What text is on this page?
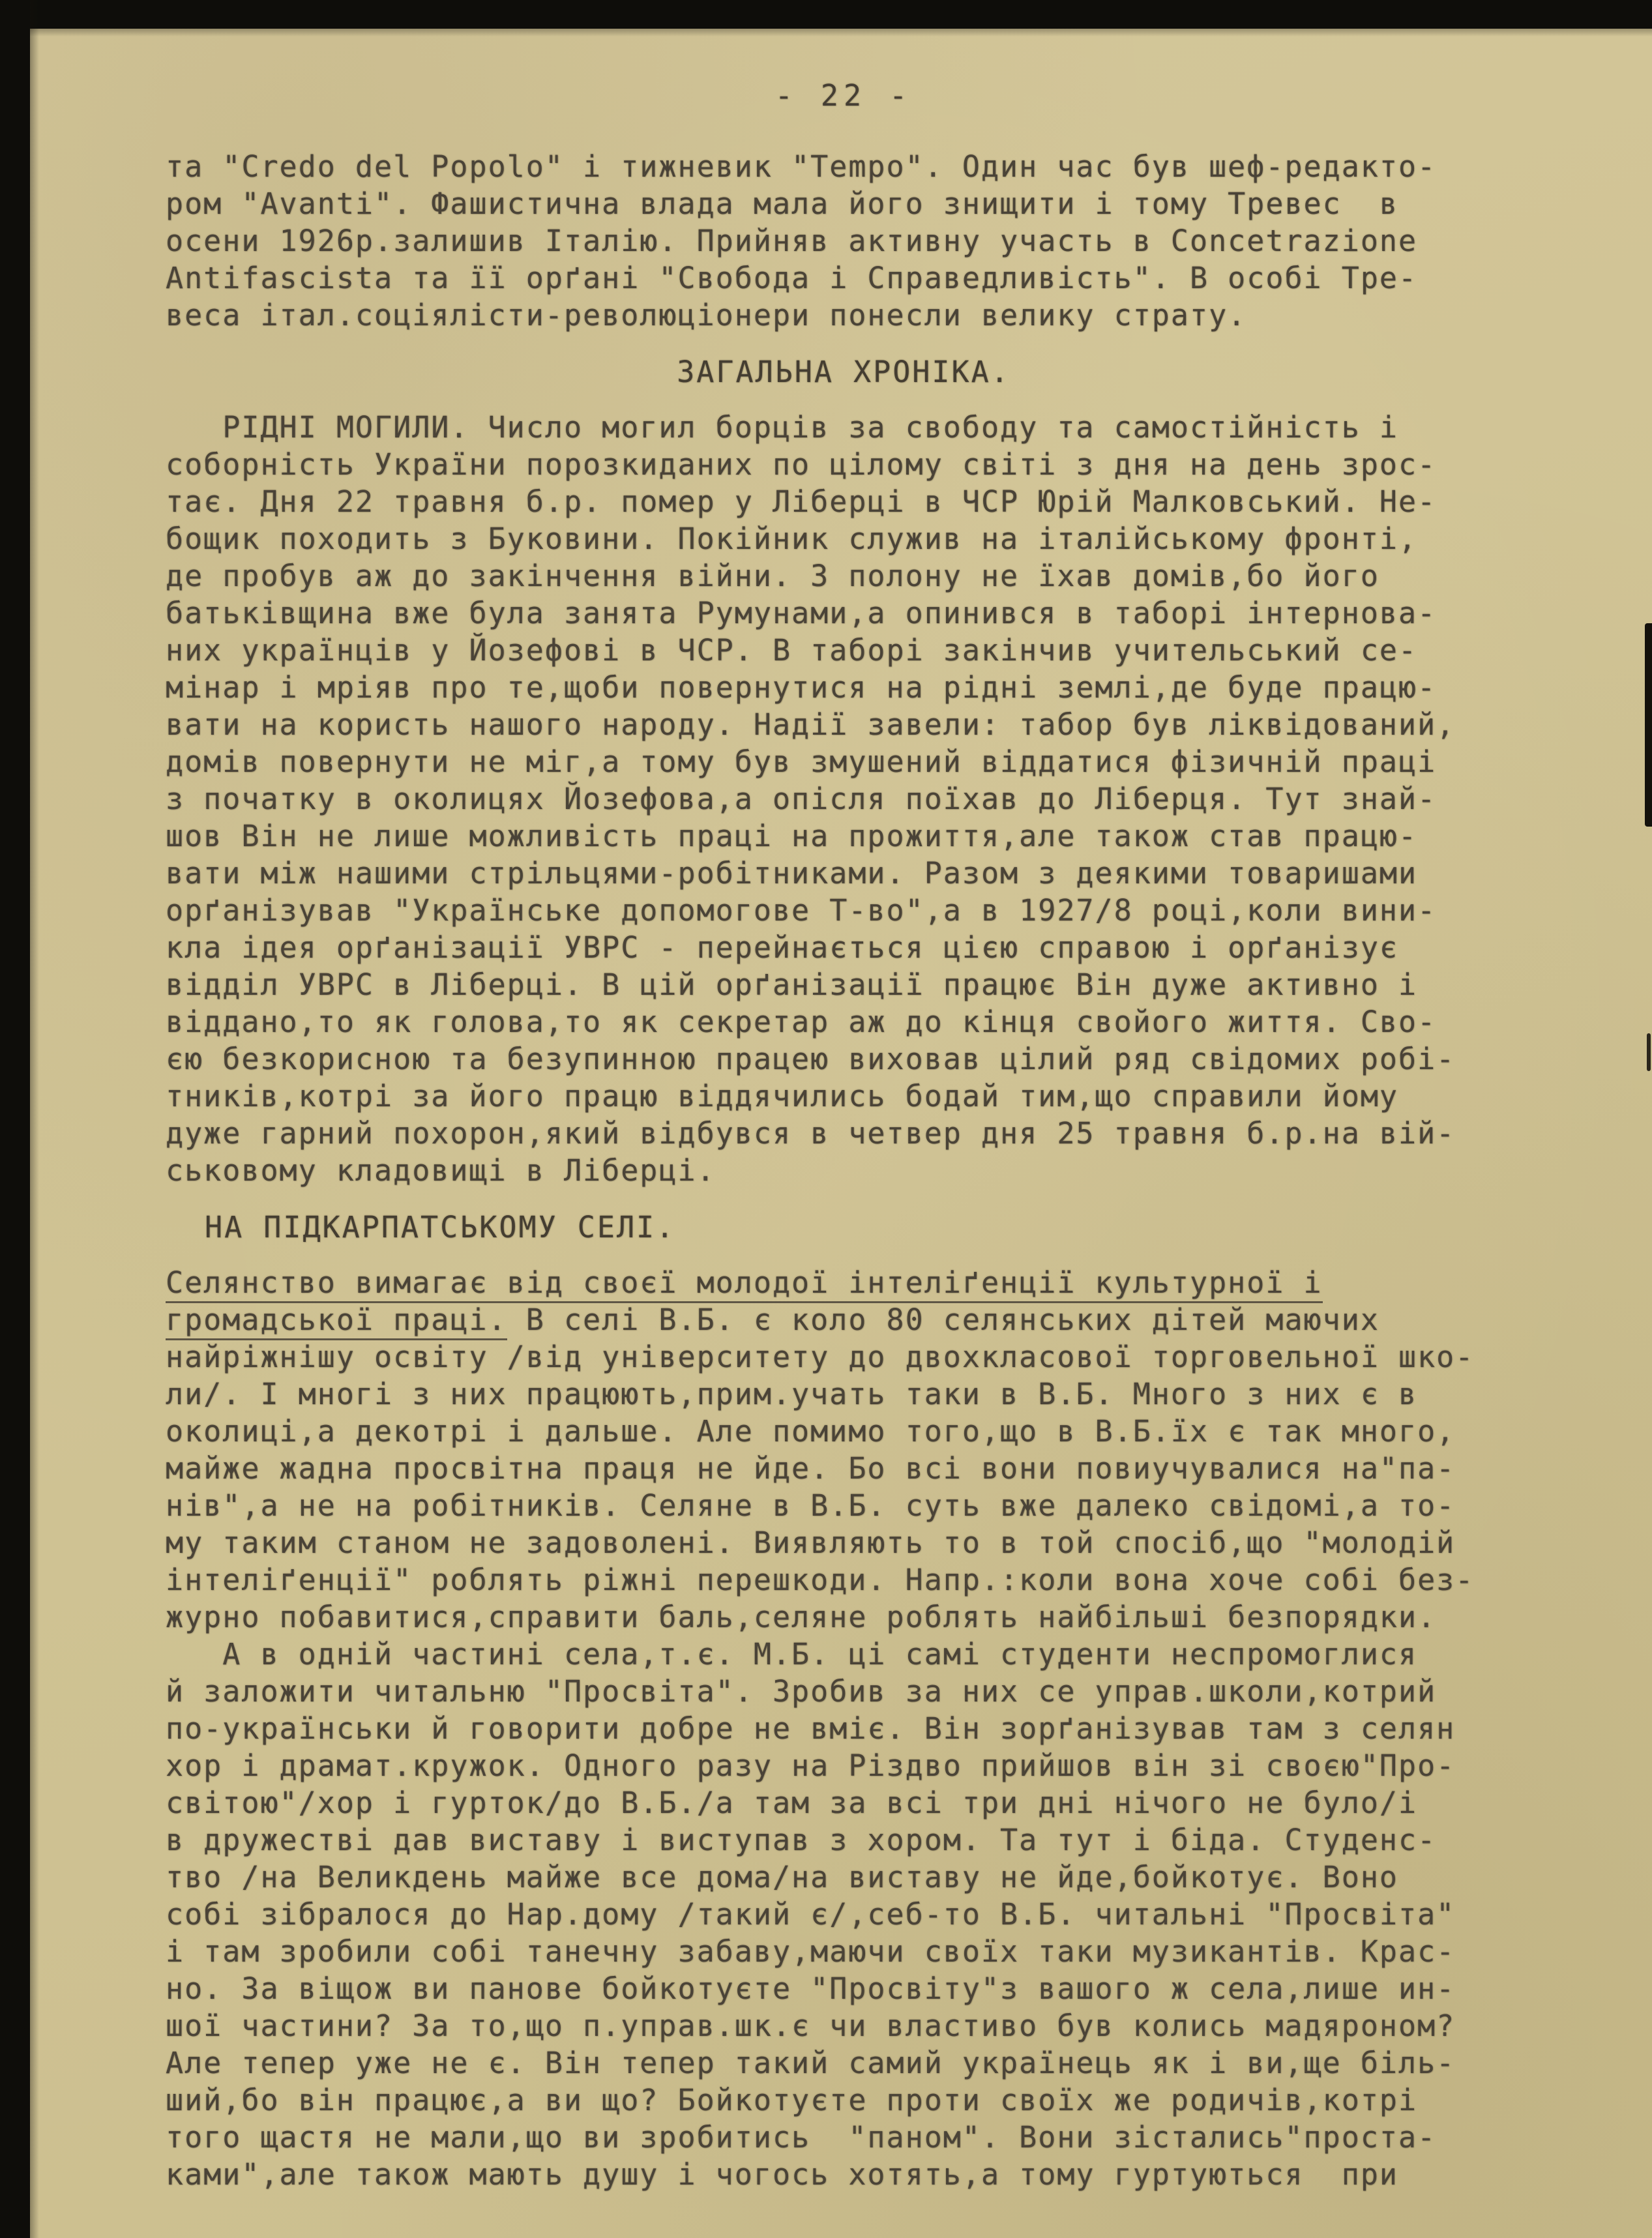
- 22 -
та "Credo del Popolo" і тижневик "Tempo". Один час був шеф-редакто-
ром "Avanti". Фашистична влада мала його знищити і тому Тревес  в
осени 1926р.залишив Італію. Прийняв активну участь в Concetrazione
Antifascista та її орґані "Свобода і Справедливість". В особі Тре-
веса італ.соціялісти-революціонери понесли велику страту.
ЗАГАЛЬНА ХРОНІКА.
РІДНІ МОГИЛИ. Число могил борців за свободу та самостійність і
соборність України порозкиданих по цілому світі з дня на день зрос-
тає. Дня 22 травня б.р. помер у Ліберці в ЧСР Юрій Малковський. Не-
бощик походить з Буковини. Покійник служив на італійському фронті,
де пробув аж до закінчення війни. З полону не їхав домів,бо його
батьківщина вже була занята Румунами,а опинився в таборі інтернова-
них українців у Йозефові в ЧСР. В таборі закінчив учительський се-
мінар і мріяв про те,щоби повернутися на рідні землі,де буде працю-
вати на користь нашого народу. Надії завели: табор був ліквідований,
домів повернути не міг,а тому був змушений віддатися фізичній праці
з початку в околицях Йозефова,а опісля поїхав до Ліберця. Тут знай-
шов Він не лише можливість праці на прожиття,але також став працю-
вати між нашими стрільцями-робітниками. Разом з деякими товаришами
орґанізував "Українське допомогове Т-во",а в 1927/8 році,коли вини-
кла ідея орґанізації УВРС - перейнається цією справою і орґанізує
відділ УВРС в Ліберці. В цій орґанізації працює Він дуже активно і
віддано,то як голова,то як секретар аж до кінця свойого життя. Сво-
єю безкорисною та безупинною працею виховав цілий ряд свідомих робі-
тників,котрі за його працю віддячились бодай тим,що справили йому
дуже гарний похорон,який відбувся в четвер дня 25 травня б.р.на вій-
ськовому кладовищі в Ліберці.
НА ПІДКАРПАТСЬКОМУ СЕЛІ.
Селянство вимагає від своєї молодої інтеліґенції культурної і
громадської праці. В селі В.Б. є коло 80 селянських дітей маючих
найріжнішу освіту /від університету до двохкласової торговельної шко-
ли/. І многі з них працюють,прим.учать таки в В.Б. Много з них є в
околиці,а декотрі і дальше. Але помимо того,що в В.Б.їх є так много,
майже жадна просвітна праця не йде. Бо всі вони повиучувалися на"па-
нів",а не на робітників. Селяне в В.Б. суть вже далеко свідомі,а то-
му таким станом не задоволені. Виявляють то в той спосіб,що "молодій
інтеліґенції" роблять ріжні перешкоди. Напр.:коли вона хоче собі без-
журно побавитися,справити баль,селяне роблять найбільші безпорядки.
А в одній частині села,т.є. М.Б. ці самі студенти неспромоглися
й заложити читальню "Просвіта". Зробив за них се управ.школи,котрий
по-українськи й говорити добре не вміє. Він зорґанізував там з селян
хор і драмат.кружок. Одного разу на Різдво прийшов він зі своєю"Про-
світою"/хор і гурток/до В.Б./а там за всі три дні нічого не було/і
в дружестві дав виставу і виступав з хором. Та тут і біда. Студенс-
тво /на Великдень майже все дома/на виставу не йде,бойкотує. Воно
собі зібралося до Нар.дому /такий є/,себ-то В.Б. читальні "Просвіта"
і там зробили собі танечну забаву,маючи своїх таки музикантів. Крас-
но. За віщож ви панове бойкотуєте "Просвіту"з вашого ж села,лише ин-
шої частини? За то,що п.управ.шк.є чи властиво був колись мадяроном?
Але тепер уже не є. Він тепер такий самий українець як і ви,ще біль-
ший,бо він працює,а ви що? Бойкотуєте проти своїх же родичів,котрі
того щастя не мали,що ви зробитись  "паном". Вони зістались"проста-
ками",але також мають душу і чогось хотять,а тому гуртуються  при
